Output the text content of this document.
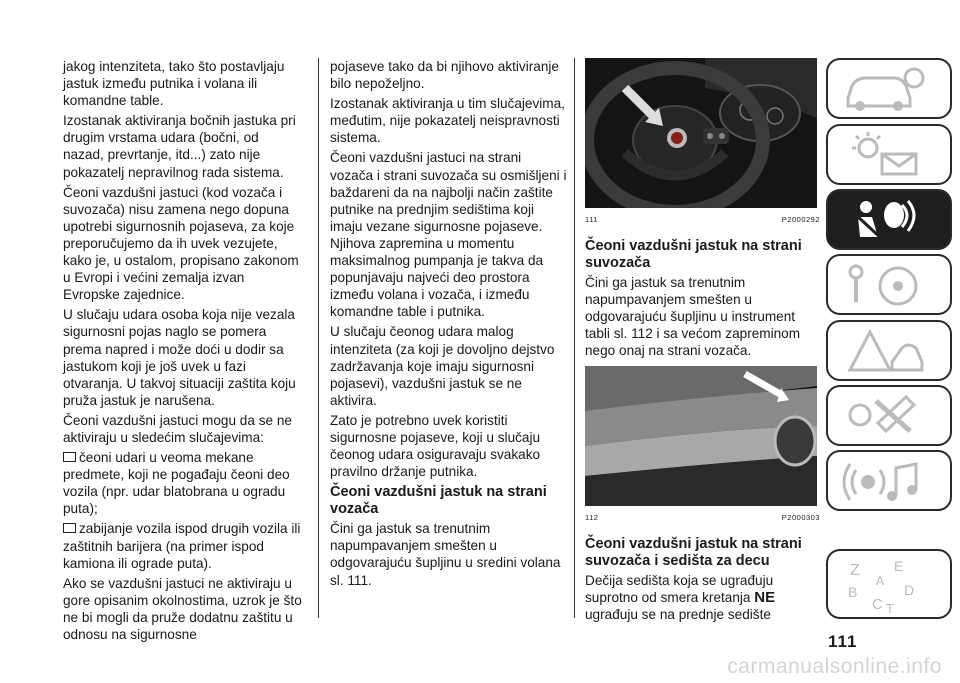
jakog intenziteta, tako što postavljaju jastuk između putnika i volana ili komandne table.

Izostanak aktiviranja bočnih jastuka pri drugim vrstama udara (bočni, od nazad, prevrtanje, itd...) zato nije pokazatelj nepravilnog rada sistema.

Čeoni vazdušni jastuci (kod vozača i suvozača) nisu zamena nego dopuna upotrebi sigurnosnih pojaseva, za koje preporučujemo da ih uvek vezujete, kako je, u ostalom, propisano zakonom u Evropi i većini zemalja izvan Evropske zajednice.

U slučaju udara osoba koja nije vezala sigurnosni pojas naglo se pomera prema napred i može doći u dodir sa jastukom koji je još uvek u fazi otvaranja. U takvoj situaciji zaštita koju pruža jastuk je narušena.

Čeoni vazdušni jastuci mogu da se ne aktiviraju u sledećim slučajevima:

čeoni udari u veoma mekane predmete, koji ne pogađaju čeoni deo vozila (npr. udar blatobrana u ogradu puta);

zabijanje vozila ispod drugih vozila ili zaštitnih barijera (na primer ispod kamiona ili ograde puta).

Ako se vazdušni jastuci ne aktiviraju u gore opisanim okolnostima, uzrok je što ne bi mogli da pruže dodatnu zaštitu u odnosu na sigurnosne

pojaseve tako da bi njihovo aktiviranje bilo nepoželjno.

Izostanak aktiviranja u tim slučajevima, međutim, nije pokazatelj neispravnosti sistema.

Čeoni vazdušni jastuci na strani vozača i strani suvozača su osmišljeni i baždareni da na najbolji način zaštite putnike na prednjim sedištima koji imaju vezane sigurnosne pojaseve. Njihova zapremina u momentu maksimalnog pumpanja je takva da popunjavaju najveći deo prostora između volana i vozača, i između komandne table i putnika.

U slučaju čeonog udara malog intenziteta (za koji je dovoljno dejstvo zadržavanja koje imaju sigurnosni pojasevi), vazdušni jastuk se ne aktivira.

Zato je potrebno uvek koristiti sigurnosne pojaseve, koji u slučaju čeonog udara osiguravaju svakako pravilno držanje putnika.

Čeoni vazdušni jastuk na strani vozača

Čini ga jastuk sa trenutnim napumpavanjem smešten u odgovarajuću šupljinu u sredini volana sl. 111.

111	P2000292
Čeoni vazdušni jastuk na strani suvozača

Čini ga jastuk sa trenutnim napumpavanjem smešten u odgovarajuću šupljinu u instrument tabli sl. 112 i sa većom zapreminom nego onaj na strani vozača.

112	P2000303
Čeoni vazdušni jastuk na strani suvozača i sedišta za decu

Dečija sedišta koja se ugrađuju suprotno od smera kretanja NE ugrađuju se na prednje sedište

111
Z E
B
C
D
T
A
carmanualsonline.info
